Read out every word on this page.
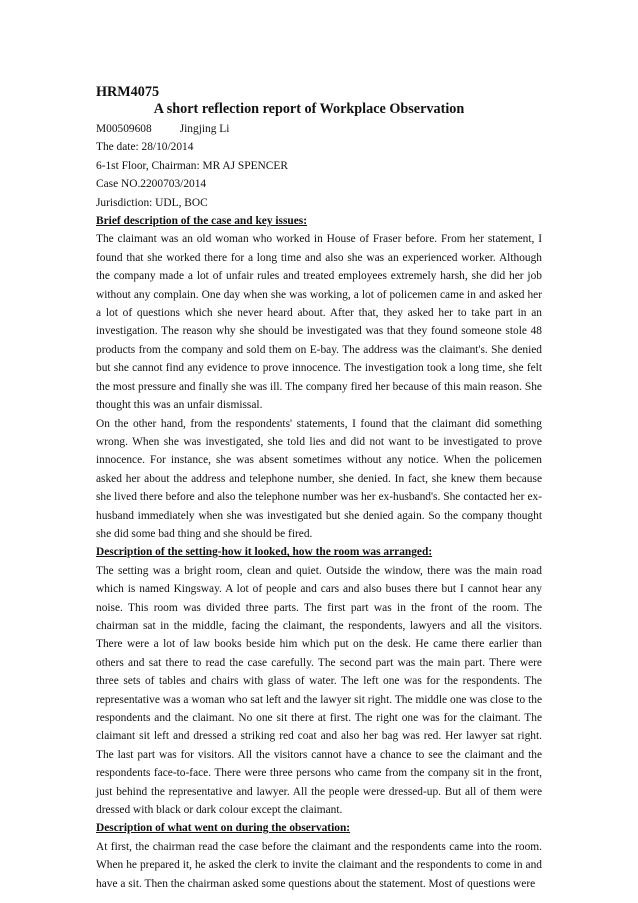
HRM4075

A short reflection report of Workplace Observation

M00509608 Jingjing Li

The date: 28/10/2014

6-1st Floor, Chairman: MR AJ SPENCER

Case NO.2200703/2014

Jurisdiction: UDL, BOC

Brief description of the case and key issues:

The claimant was an old woman who worked in House of Fraser before. From her statement, I found that she worked there for a long time and also she was an experienced worker. Although the company made a lot of unfair rules and treated employees extremely harsh, she did her job without any complain. One day when she was working, a lot of policemen came in and asked her a lot of questions which she never heard about. After that, they asked her to take part in an investigation. The reason why she should be investigated was that they found someone stole 48 products from the company and sold them on E-bay. The address was the claimant's. She denied but she cannot find any evidence to prove innocence. The investigation took a long time, she felt the most pressure and finally she was ill. The company fired her because of this main reason. She thought this was an unfair dismissal.

On the other hand, from the respondents' statements, I found that the claimant did something wrong. When she was investigated, she told lies and did not want to be investigated to prove innocence. For instance, she was absent sometimes without any notice. When the policemen asked her about the address and telephone number, she denied. In fact, she knew them because she lived there before and also the telephone number was her ex-husband's. She contacted her ex-husband immediately when she was investigated but she denied again. So the company thought she did some bad thing and she should be fired.

Description of the setting-how it looked, how the room was arranged:

The setting was a bright room, clean and quiet. Outside the window, there was the main road which is named Kingsway. A lot of people and cars and also buses there but I cannot hear any noise. This room was divided three parts. The first part was in the front of the room. The chairman sat in the middle, facing the claimant, the respondents, lawyers and all the visitors. There were a lot of law books beside him which put on the desk. He came there earlier than others and sat there to read the case carefully. The second part was the main part. There were three sets of tables and chairs with glass of water. The left one was for the respondents. The representative was a woman who sat left and the lawyer sit right. The middle one was close to the respondents and the claimant. No one sit there at first. The right one was for the claimant. The claimant sit left and dressed a striking red coat and also her bag was red. Her lawyer sat right. The last part was for visitors. All the visitors cannot have a chance to see the claimant and the respondents face-to-face. There were three persons who came from the company sit in the front, just behind the representative and lawyer. All the people were dressed-up. But all of them were dressed with black or dark colour except the claimant.

Description of what went on during the observation:

At first, the chairman read the case before the claimant and the respondents came into the room. When he prepared it, he asked the clerk to invite the claimant and the respondents to come in and have a sit. Then the chairman asked some questions about the statement. Most of questions were
